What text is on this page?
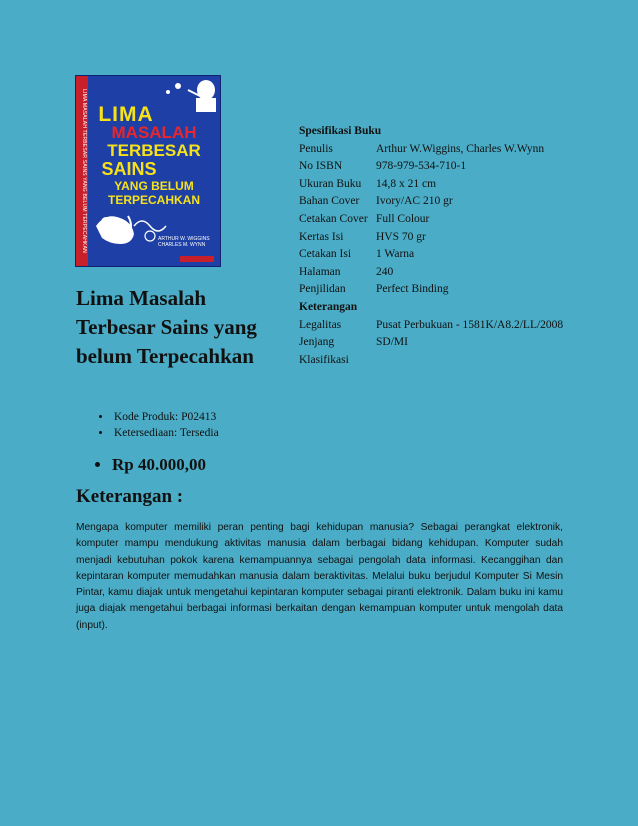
LIMA MASALAH TERBESAR SAINS YANG BELUM TERPECAHKAN LIMA
MASALAH
TERBESAR
SAINS
YANG BELUM
TERPECAHKAN
ARTHUR W. WIGGINS
CHARLES M. WYNN
Lima Masalah Terbesar Sains yang belum Terpecahkan
• Kode Produk: P02413
• Ketersediaan: Tersedia
• Rp 40.000,00
Spesifikasi Buku	
Penulis	Arthur W.Wiggins, Charles W.Wynn
No ISBN	978-979-534-710-1
Ukuran Buku	14,8 x 21 cm
Bahan Cover	Ivory/AC 210 gr
Cetakan Cover	Full Colour
Kertas Isi	HVS 70 gr
Cetakan Isi	1 Warna
Halaman	240
Penjilidan	Perfect Binding
Keterangan	
Legalitas	Pusat Perbukuan - 1581K/A8.2/LL/2008
Jenjang	SD/MI
Klasifikasi	
Keterangan :

Mengapa komputer memiliki peran penting bagi kehidupan manusia? Sebagai perangkat elektronik, komputer mampu mendukung aktivitas manusia dalam berbagai bidang kehidupan. Komputer sudah menjadi kebutuhan pokok karena kemampuannya sebagai pengolah data informasi. Kecanggihan dan kepintaran komputer memudahkan manusia dalam beraktivitas. Melalui buku berjudul Komputer Si Mesin Pintar, kamu diajak untuk mengetahui kepintaran komputer sebagai piranti elektronik. Dalam buku ini kamu juga diajak mengetahui berbagai informasi berkaitan dengan kemampuan komputer untuk mengolah data (input).
